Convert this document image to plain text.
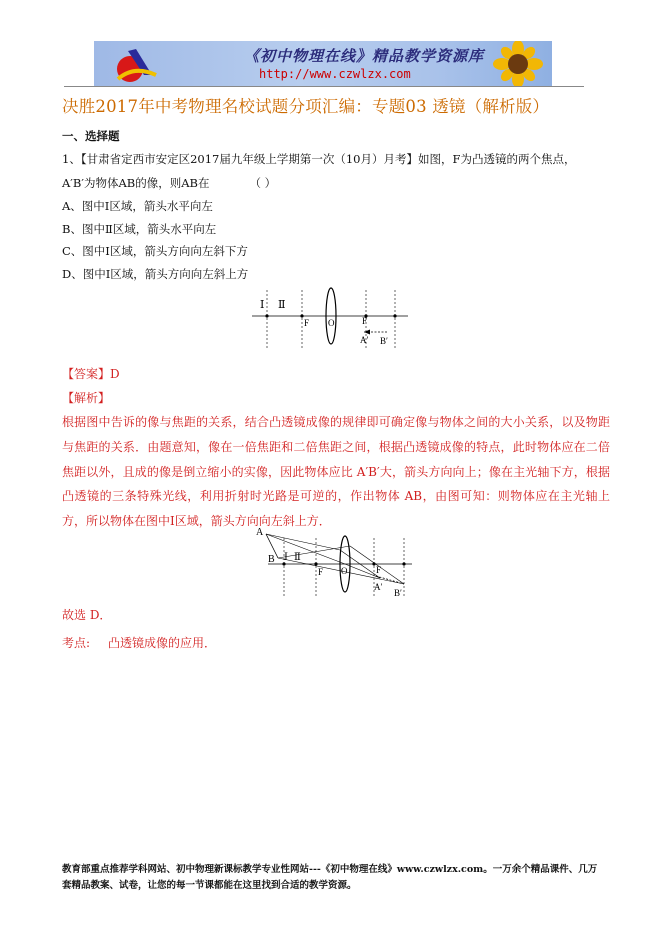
《初中物理在线》精品教学资源库
http://www.czwlzx.com
决胜2017年中考物理名校试题分项汇编：专题03 透镜（解析版）
一、选择题
1、【甘肃省定西市安定区2017届九年级上学期第一次（10月）月考】如图，F为凸透镜的两个焦点，
A′B′为物体AB的像，则AB在	（ ）
A、图中Ⅰ区域，箭头水平向左
B、图中Ⅱ区域，箭头水平向左
C、图中Ⅰ区域，箭头方向向左斜下方
D、图中Ⅰ区域，箭头方向向左斜上方
Ⅰ Ⅱ
F O	F
A′ B′
【答案】D
【解析】
根据图中告诉的像与焦距的关系，结合凸透镜成像的规律即可确定像与物体之间的大小关系，以及物距与焦距的关系．由题意知，像在一倍焦距和二倍焦距之间，根据凸透镜成像的特点，此时物体应在二倍焦距以外，且成的像是倒立缩小的实像，因此物体应比 A′B′大，箭头方向向上；像在主光轴下方，根据凸透镜的三条特殊光线，利用折射时光路是可逆的，作出物体 AB，由图可知：则物体应在主光轴上方，所以物体在图中Ⅰ区域，箭头方向向左斜上方．
A
B Ⅰ Ⅱ
F O	F
A′
B′
故选 D．
考点: 凸透镜成像的应用．
教育部重点推荐学科网站、初中物理新课标教学专业性网站---《初中物理在线》www.czwlzx.com。一万余个精品课件、几万套精品教案、试卷，让您的每一节课都能在这里找到合适的教学资源。
